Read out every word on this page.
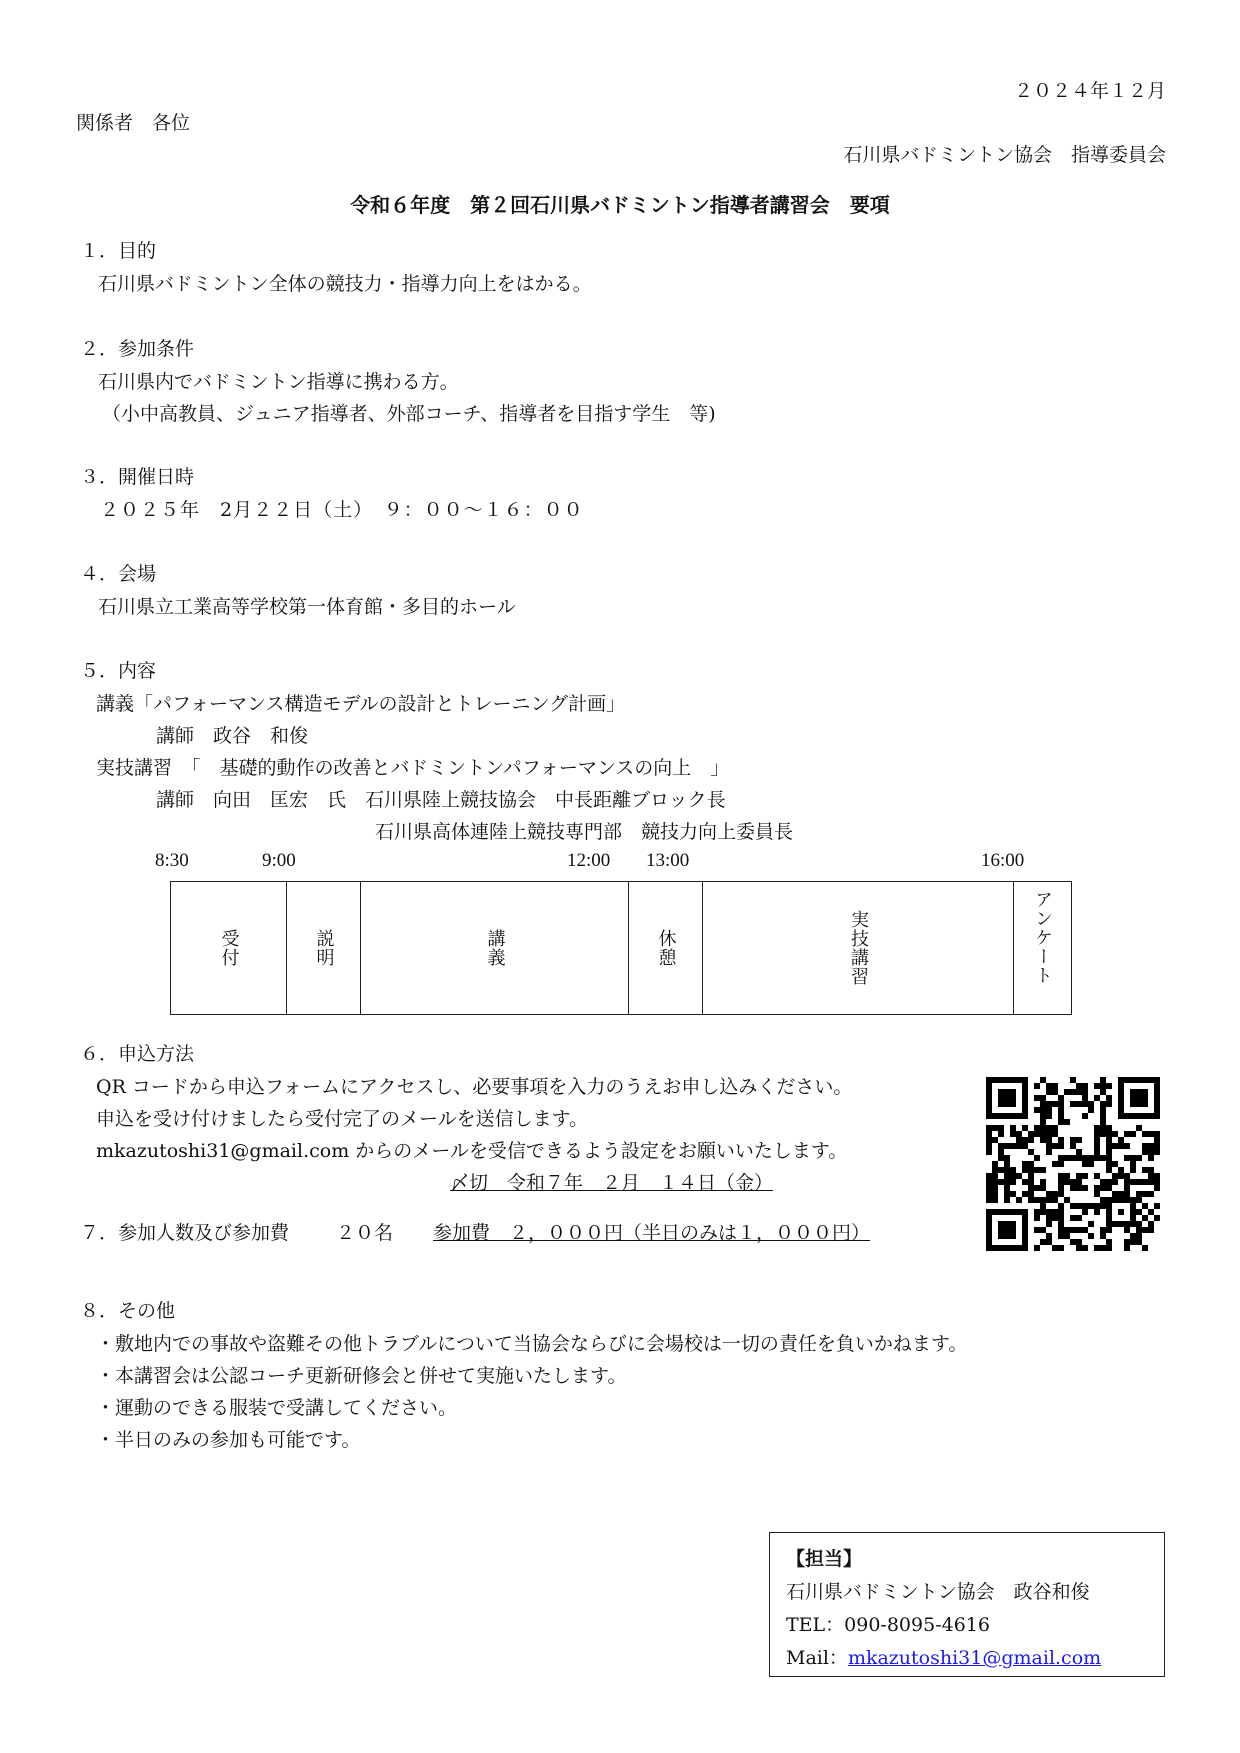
２０２４年１２月
関係者　各位
石川県バドミントン協会　指導委員会
令和６年度　第２回石川県バドミントン指導者講習会　要項
１．目的
石川県バドミントン全体の競技力・指導力向上をはかる。
２．参加条件
石川県内でバドミントン指導に携わる方。
（小中高教員、ジュニア指導者、外部コーチ、指導者を目指す学生　等)
３．開催日時
２０２５年　2月２２日（土）　９：００～１６：００
４．会場
石川県立工業高等学校第一体育館・多目的ホール
５．内容
講義「パフォーマンス構造モデルの設計とトレーニング計画」
講師　政谷　和俊
実技講習　「　基礎的動作の改善とバドミントンパフォーマンスの向上　」
講師　向田　匡宏　氏　石川県陸上競技協会　中長距離ブロック長
石川県高体連陸上競技専門部　競技力向上委員長
8:30	9:00	12:00 13:00	16:00
受付	説明	講義	休憩	実技講習	アンケート
６．申込方法
QR コードから申込フォームにアクセスし、必要事項を入力のうえお申し込みください。
申込を受け付けましたら受付完了のメールを送信します。
mkazutoshi31@gmail.com からのメールを受信できるよう設定をお願いいたします。
〆切　令和７年　２月　１４日（金）
７．参加人数及び参加費 ２０名 参加費　２，０００円（半日のみは１，０００円）
８．その他
・敷地内での事故や盗難その他トラブルについて当協会ならびに会場校は一切の責任を負いかねます。
・本講習会は公認コーチ更新研修会と併せて実施いたします。
・運動のできる服装で受講してください。
・半日のみの参加も可能です。
【担当】
石川県バドミントン協会　政谷和俊
TEL：090-8095-4616
Mail：mkazutoshi31@gmail.com
